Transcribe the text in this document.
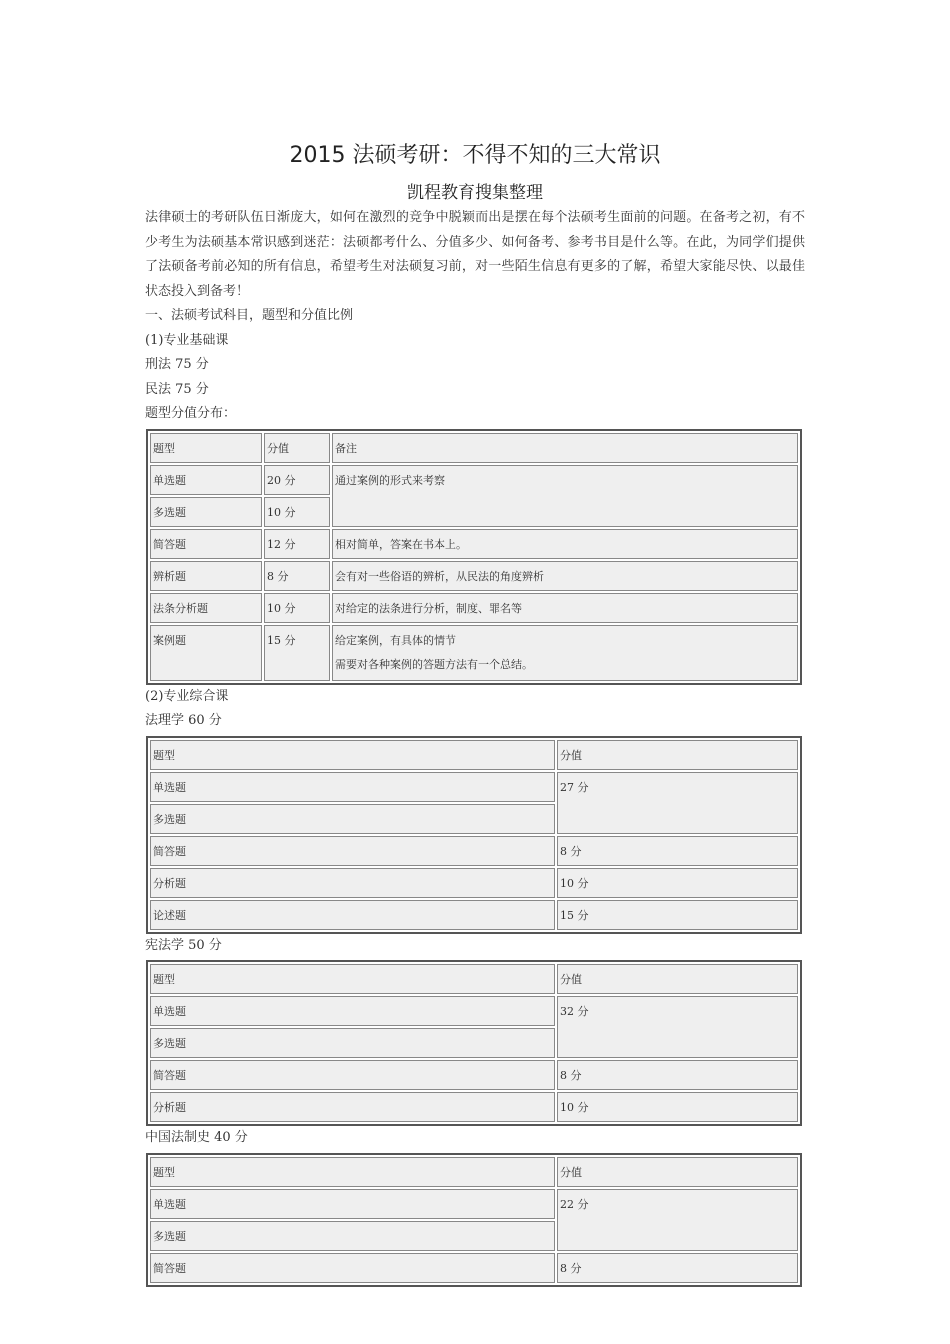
2015 法硕考研：不得不知的三大常识
凯程教育搜集整理

法律硕士的考研队伍日渐庞大，如何在激烈的竞争中脱颖而出是摆在每个法硕考生面前的问题。在备考之初，有不少考生为法硕基本常识感到迷茫：法硕都考什么、分值多少、如何备考、参考书目是什么等。在此，为同学们提供了法硕备考前必知的所有信息，希望考生对法硕复习前，对一些陌生信息有更多的了解，希望大家能尽快、以最佳状态投入到备考！

一、法硕考试科目，题型和分值比例

(1)专业基础课

刑法 75 分

民法 75 分

题型分值分布：

题型	分值	备注
单选题	20 分	通过案例的形式来考察
多选题	10 分	
简答题	12 分	相对简单，答案在书本上。
辨析题	8 分	会有对一些俗语的辨析，从民法的角度辨析
法条分析题	10 分	对给定的法条进行分析，制度、罪名等
案例题	15 分	给定案例，有具体的情节
需要对各种案例的答题方法有一个总结。

(2)专业综合课

法理学 60 分

题型	分值
单选题	27 分
多选题	
简答题	8 分
分析题	10 分
论述题	15 分

宪法学 50 分

题型	分值
单选题	32 分
多选题	
简答题	8 分
分析题	10 分

中国法制史 40 分

题型	分值
单选题	22 分
多选题	
简答题	8 分
